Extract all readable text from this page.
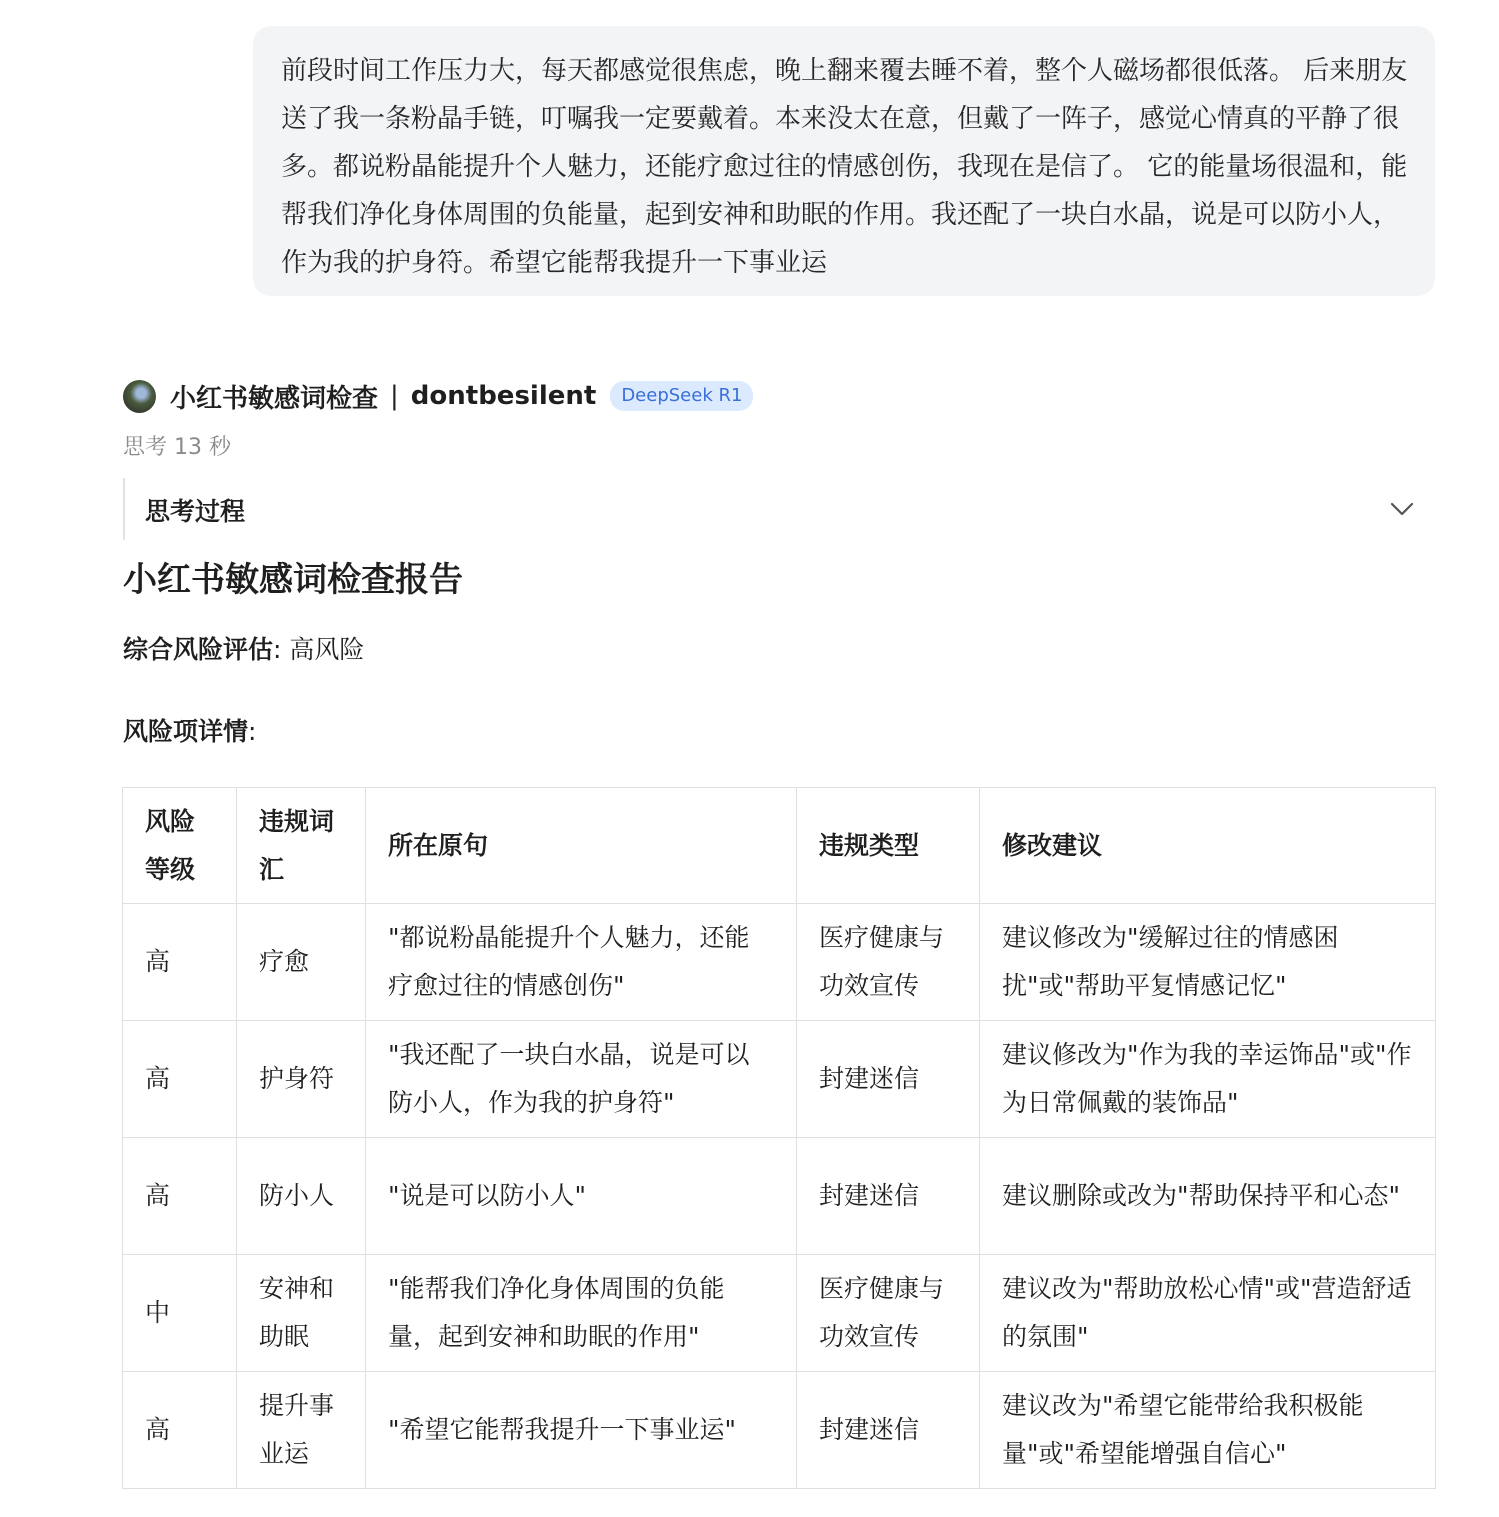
前段时间工作压力大，每天都感觉很焦虑，晚上翻来覆去睡不着，整个人磁场都很低落。 后来朋友送了我一条粉晶手链，叮嘱我一定要戴着。本来没太在意，但戴了一阵子，感觉心情真的平静了很多。都说粉晶能提升个人魅力，还能疗愈过往的情感创伤，我现在是信了。 它的能量场很温和，能帮我们净化身体周围的负能量，起到安神和助眠的作用。我还配了一块白水晶，说是可以防小人，作为我的护身符。希望它能帮我提升一下事业运
小红书敏感词检查 | dontbesilent	DeepSeek R1
思考 13 秒
思考过程
小红书敏感词检查报告
综合风险评估: 高风险
风险项详情:
风险等级	违规词汇	所在原句	违规类型	修改建议
高	疗愈	"都说粉晶能提升个人魅力，还能疗愈过往的情感创伤"	医疗健康与功效宣传	建议修改为"缓解过往的情感困扰"或"帮助平复情感记忆"
高	护身符	"我还配了一块白水晶，说是可以防小人，作为我的护身符"	封建迷信	建议修改为"作为我的幸运饰品"或"作为日常佩戴的装饰品"
高	防小人	"说是可以防小人"	封建迷信	建议删除或改为"帮助保持平和心态"
中	安神和助眠	"能帮我们净化身体周围的负能量，起到安神和助眠的作用"	医疗健康与功效宣传	建议改为"帮助放松心情"或"营造舒适的氛围"
高	提升事业运	"希望它能帮我提升一下事业运"	封建迷信	建议改为"希望它能带给我积极能量"或"希望能增强自信心"
